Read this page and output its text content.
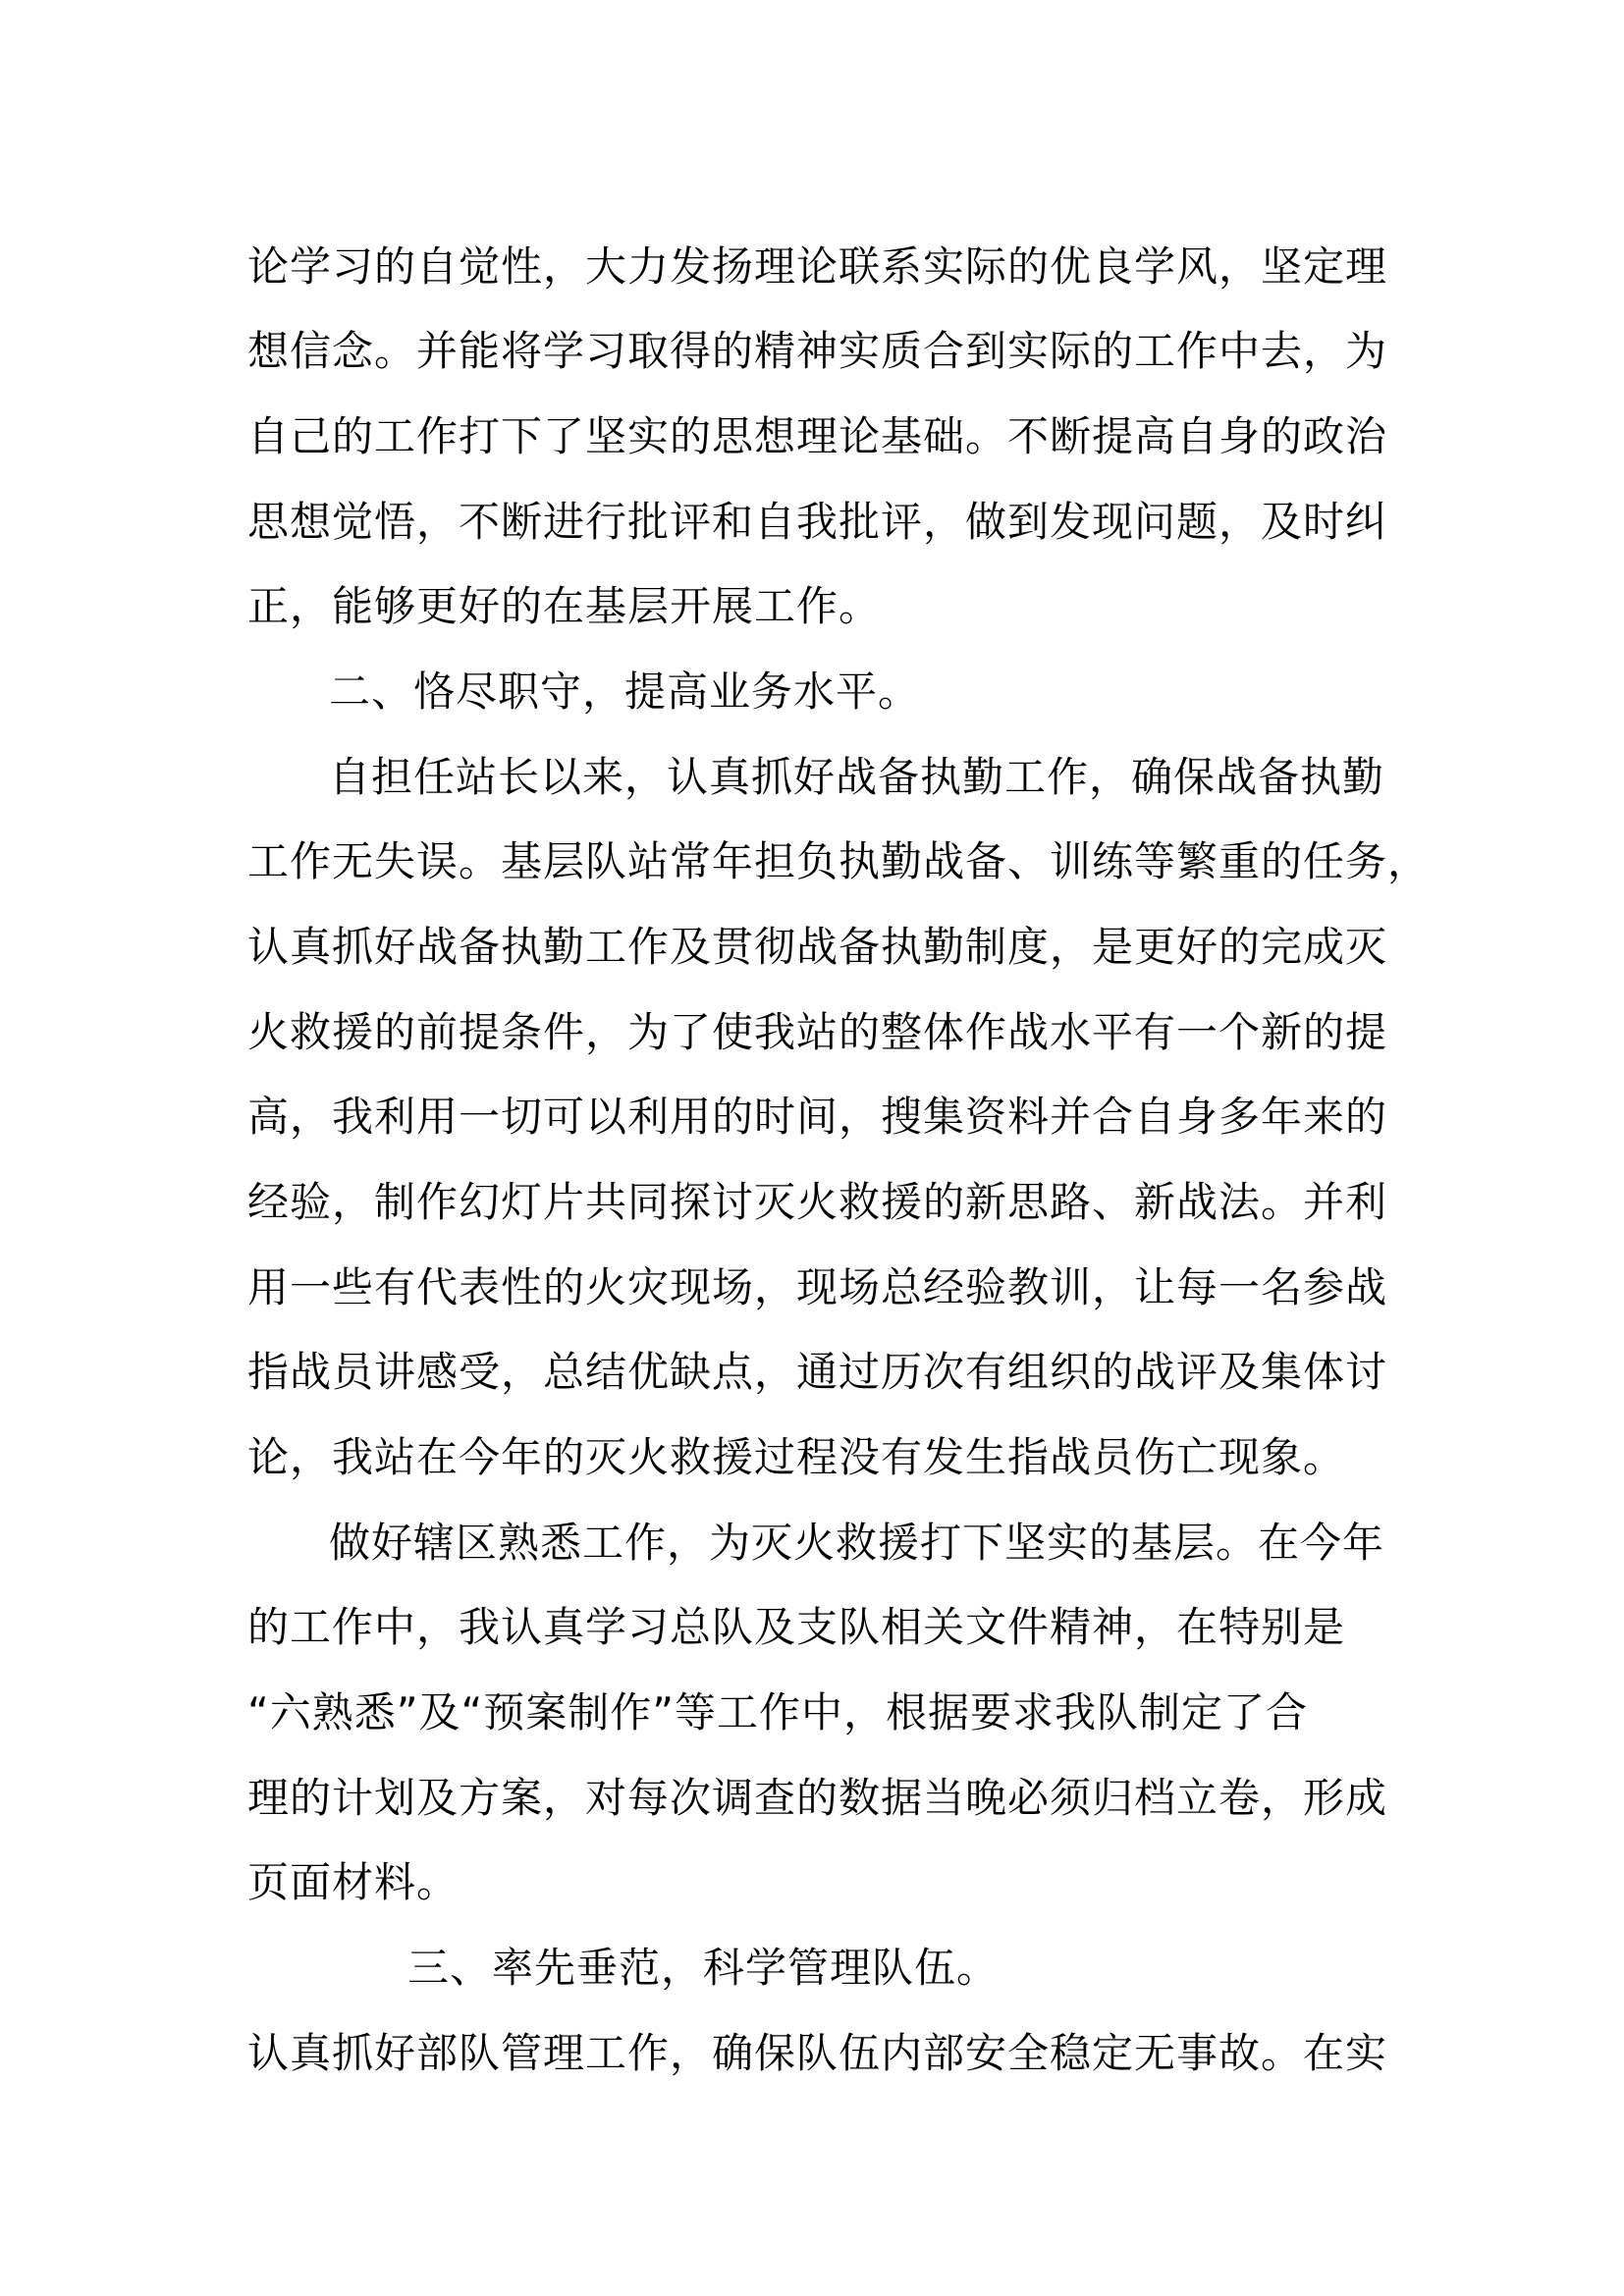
论学习的自觉性，大力发扬理论联系实际的优良学风，坚定理
想信念。并能将学习取得的精神实质合到实际的工作中去，为
自己的工作打下了坚实的思想理论基础。不断提高自身的政治
思想觉悟，不断进行批评和自我批评，做到发现问题，及时纠
正，能够更好的在基层开展工作。
二、恪尽职守，提高业务水平。
自担任站长以来，认真抓好战备执勤工作，确保战备执勤
工作无失误。基层队站常年担负执勤战备、训练等繁重的任务，
认真抓好战备执勤工作及贯彻战备执勤制度，是更好的完成灭
火救援的前提条件，为了使我站的整体作战水平有一个新的提
高，我利用一切可以利用的时间，搜集资料并合自身多年来的
经验，制作幻灯片共同探讨灭火救援的新思路、新战法。并利
用一些有代表性的火灾现场，现场总经验教训，让每一名参战
指战员讲感受，总结优缺点，通过历次有组织的战评及集体讨
论，我站在今年的灭火救援过程没有发生指战员伤亡现象。
做好辖区熟悉工作，为灭火救援打下坚实的基层。在今年
的工作中，我认真学习总队及支队相关文件精神，在特别是
“六熟悉”及“预案制作”等工作中，根据要求我队制定了合
理的计划及方案，对每次调查的数据当晚必须归档立卷，形成
页面材料。
三、率先垂范，科学管理队伍。
认真抓好部队管理工作，确保队伍内部安全稳定无事故。在实
